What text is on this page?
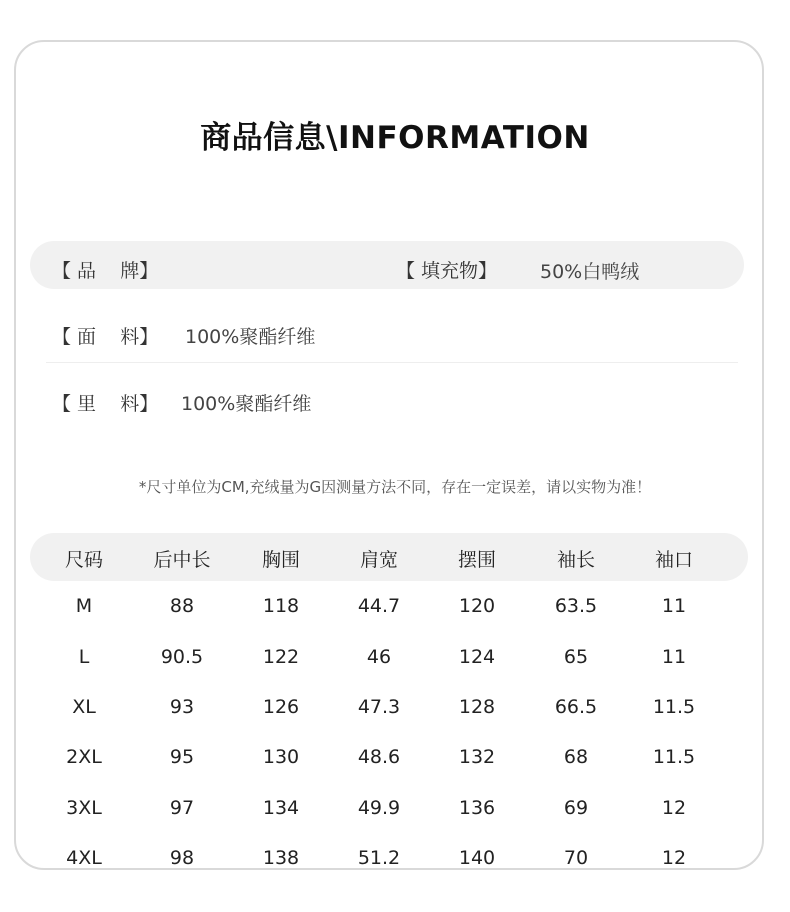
商品信息\INFORMATION
【 品    牌】	【 填充物】 50%白鸭绒
【 面    料】 100%聚酯纤维
【 里    料】 100%聚酯纤维
*尺寸单位为CM,充绒量为G因测量方法不同，存在一定误差，请以实物为准！
尺码	后中长	胸围	肩宽	摆围	袖长	袖口
M	88	118	44.7	120	63.5	11
L	90.5	122	46	124	65	11
XL	93	126	47.3	128	66.5	11.5
2XL	95	130	48.6	132	68	11.5
3XL	97	134	49.9	136	69	12
4XL	98	138	51.2	140	70	12
